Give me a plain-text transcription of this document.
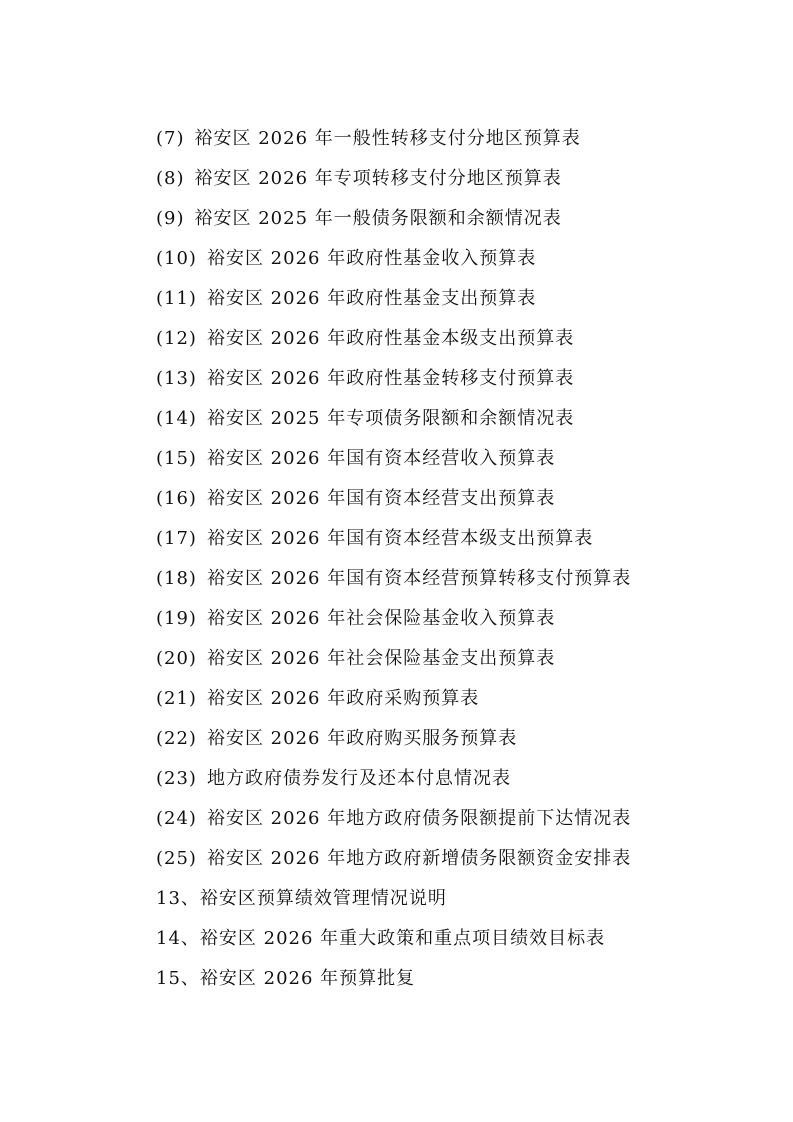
(7) 裕安区 2026 年一般性转移支付分地区预算表
(8) 裕安区 2026 年专项转移支付分地区预算表
(9) 裕安区 2025 年一般债务限额和余额情况表
(10) 裕安区 2026 年政府性基金收入预算表
(11) 裕安区 2026 年政府性基金支出预算表
(12) 裕安区 2026 年政府性基金本级支出预算表
(13) 裕安区 2026 年政府性基金转移支付预算表
(14) 裕安区 2025 年专项债务限额和余额情况表
(15) 裕安区 2026 年国有资本经营收入预算表
(16) 裕安区 2026 年国有资本经营支出预算表
(17) 裕安区 2026 年国有资本经营本级支出预算表
(18) 裕安区 2026 年国有资本经营预算转移支付预算表
(19) 裕安区 2026 年社会保险基金收入预算表
(20) 裕安区 2026 年社会保险基金支出预算表
(21) 裕安区 2026 年政府采购预算表
(22) 裕安区 2026 年政府购买服务预算表
(23) 地方政府债券发行及还本付息情况表
(24) 裕安区 2026 年地方政府债务限额提前下达情况表
(25) 裕安区 2026 年地方政府新增债务限额资金安排表
13、裕安区预算绩效管理情况说明
14、裕安区 2026 年重大政策和重点项目绩效目标表
15、裕安区 2026 年预算批复
